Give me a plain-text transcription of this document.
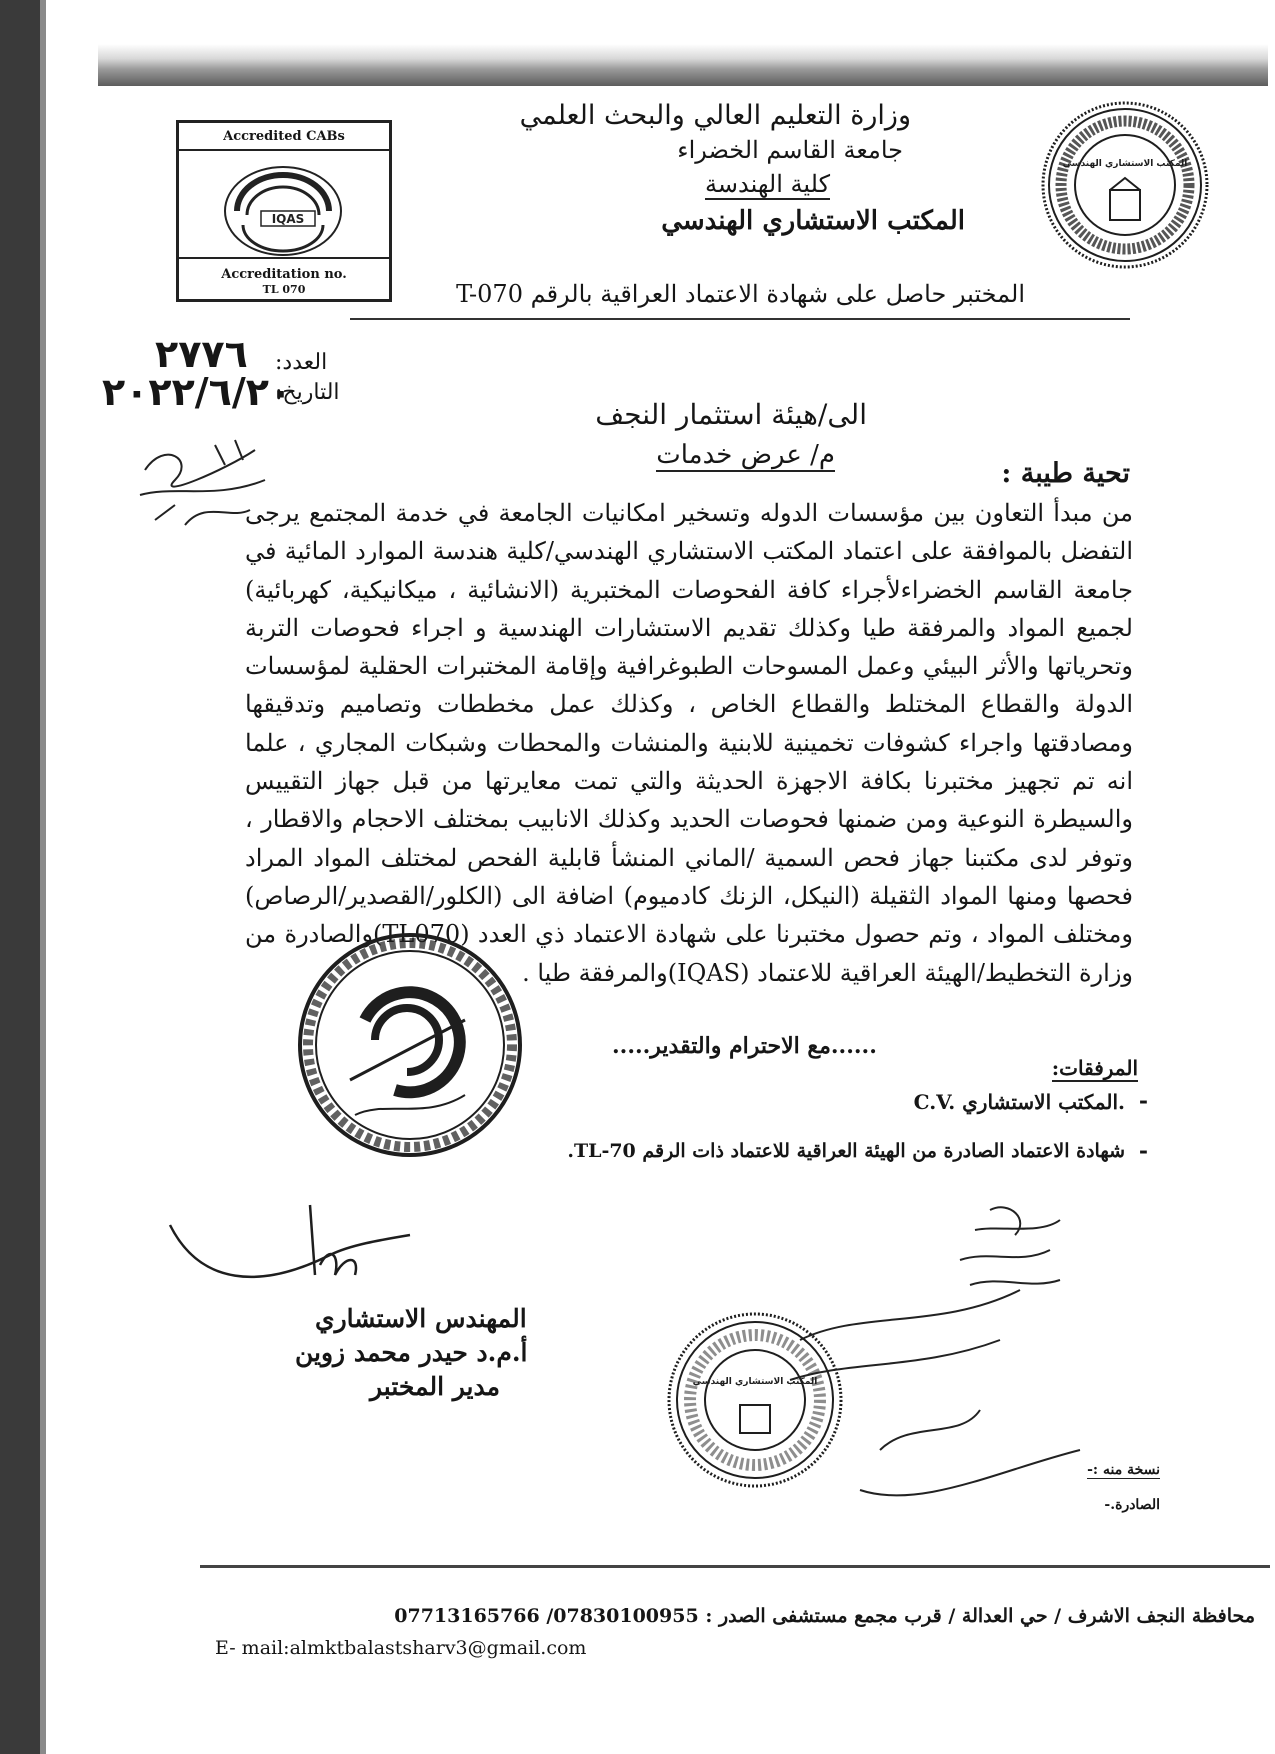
Accredited CABs
IQAS
Accreditation no.
TL 070
المكتب الاستشاري الهندسي
وزارة التعليم العالي والبحث العلمي
جامعة القاسم الخضراء
كلية الهندسة
المكتب الاستشاري الهندسي
المختبر حاصل على شهادة الاعتماد العراقية بالرقم T-070
العدد:
التاريخ:
٢٧٧٦
٢٠٢٢/٦/٢٠
الى/هيئة استثمار النجف
م/ عرض خدمات
تحية طيبة :

من مبدأ التعاون بين مؤسسات الدوله وتسخير امكانيات الجامعة في خدمة المجتمع يرجى التفضل بالموافقة على اعتماد المكتب الاستشاري الهندسي/كلية هندسة الموارد المائية في جامعة القاسم الخضراءلأجراء كافة الفحوصات المختبرية (الانشائية ، ميكانيكية، كهربائية) لجميع المواد والمرفقة طيا وكذلك تقديم الاستشارات الهندسية و اجراء فحوصات التربة وتحرياتها والأثر البيئي وعمل المسوحات الطبوغرافية وإقامة المختبرات الحقلية لمؤسسات الدولة والقطاع المختلط والقطاع الخاص ، وكذلك عمل مخططات وتصاميم وتدقيقها ومصادقتها واجراء كشوفات تخمينية للابنية والمنشات والمحطات وشبكات المجاري ، علما انه تم تجهيز مختبرنا بكافة الاجهزة الحديثة والتي تمت معايرتها من قبل جهاز التقييس والسيطرة النوعية ومن ضمنها فحوصات الحديد وكذلك الانابيب بمختلف الاحجام والاقطار ، وتوفر لدى مكتبنا جهاز فحص السمية /الماني المنشأ قابلية الفحص لمختلف المواد المراد فحصها ومنها المواد الثقيلة (النيكل، الزنك كادميوم) اضافة الى (الكلور/القصدير/الرصاص) ومختلف المواد ، وتم حصول مختبرنا على شهادة الاعتماد ذي العدد (TL070)والصادرة من وزارة التخطيط/الهيئة العراقية للاعتماد (IQAS)والمرفقة طيا .

......مع الاحترام والتقدير.....
المرفقات:
-
C.V. المكتب الاستشاري.
-
شهادة الاعتماد الصادرة من الهيئة العراقية للاعتماد ذات الرقم TL-70.
المهندس الاستشاري
أ.م.د حيدر محمد زوين
مدير المختبر	المكتب الاستشاري الهندسي
نسخة منه :-
الصادرة.-
محافظة النجف الاشرف / حي العدالة / قرب مجمع مستشفى الصدر : 07830100955/ 07713165766
E- mail:almktbalastsharv3@gmail.com
